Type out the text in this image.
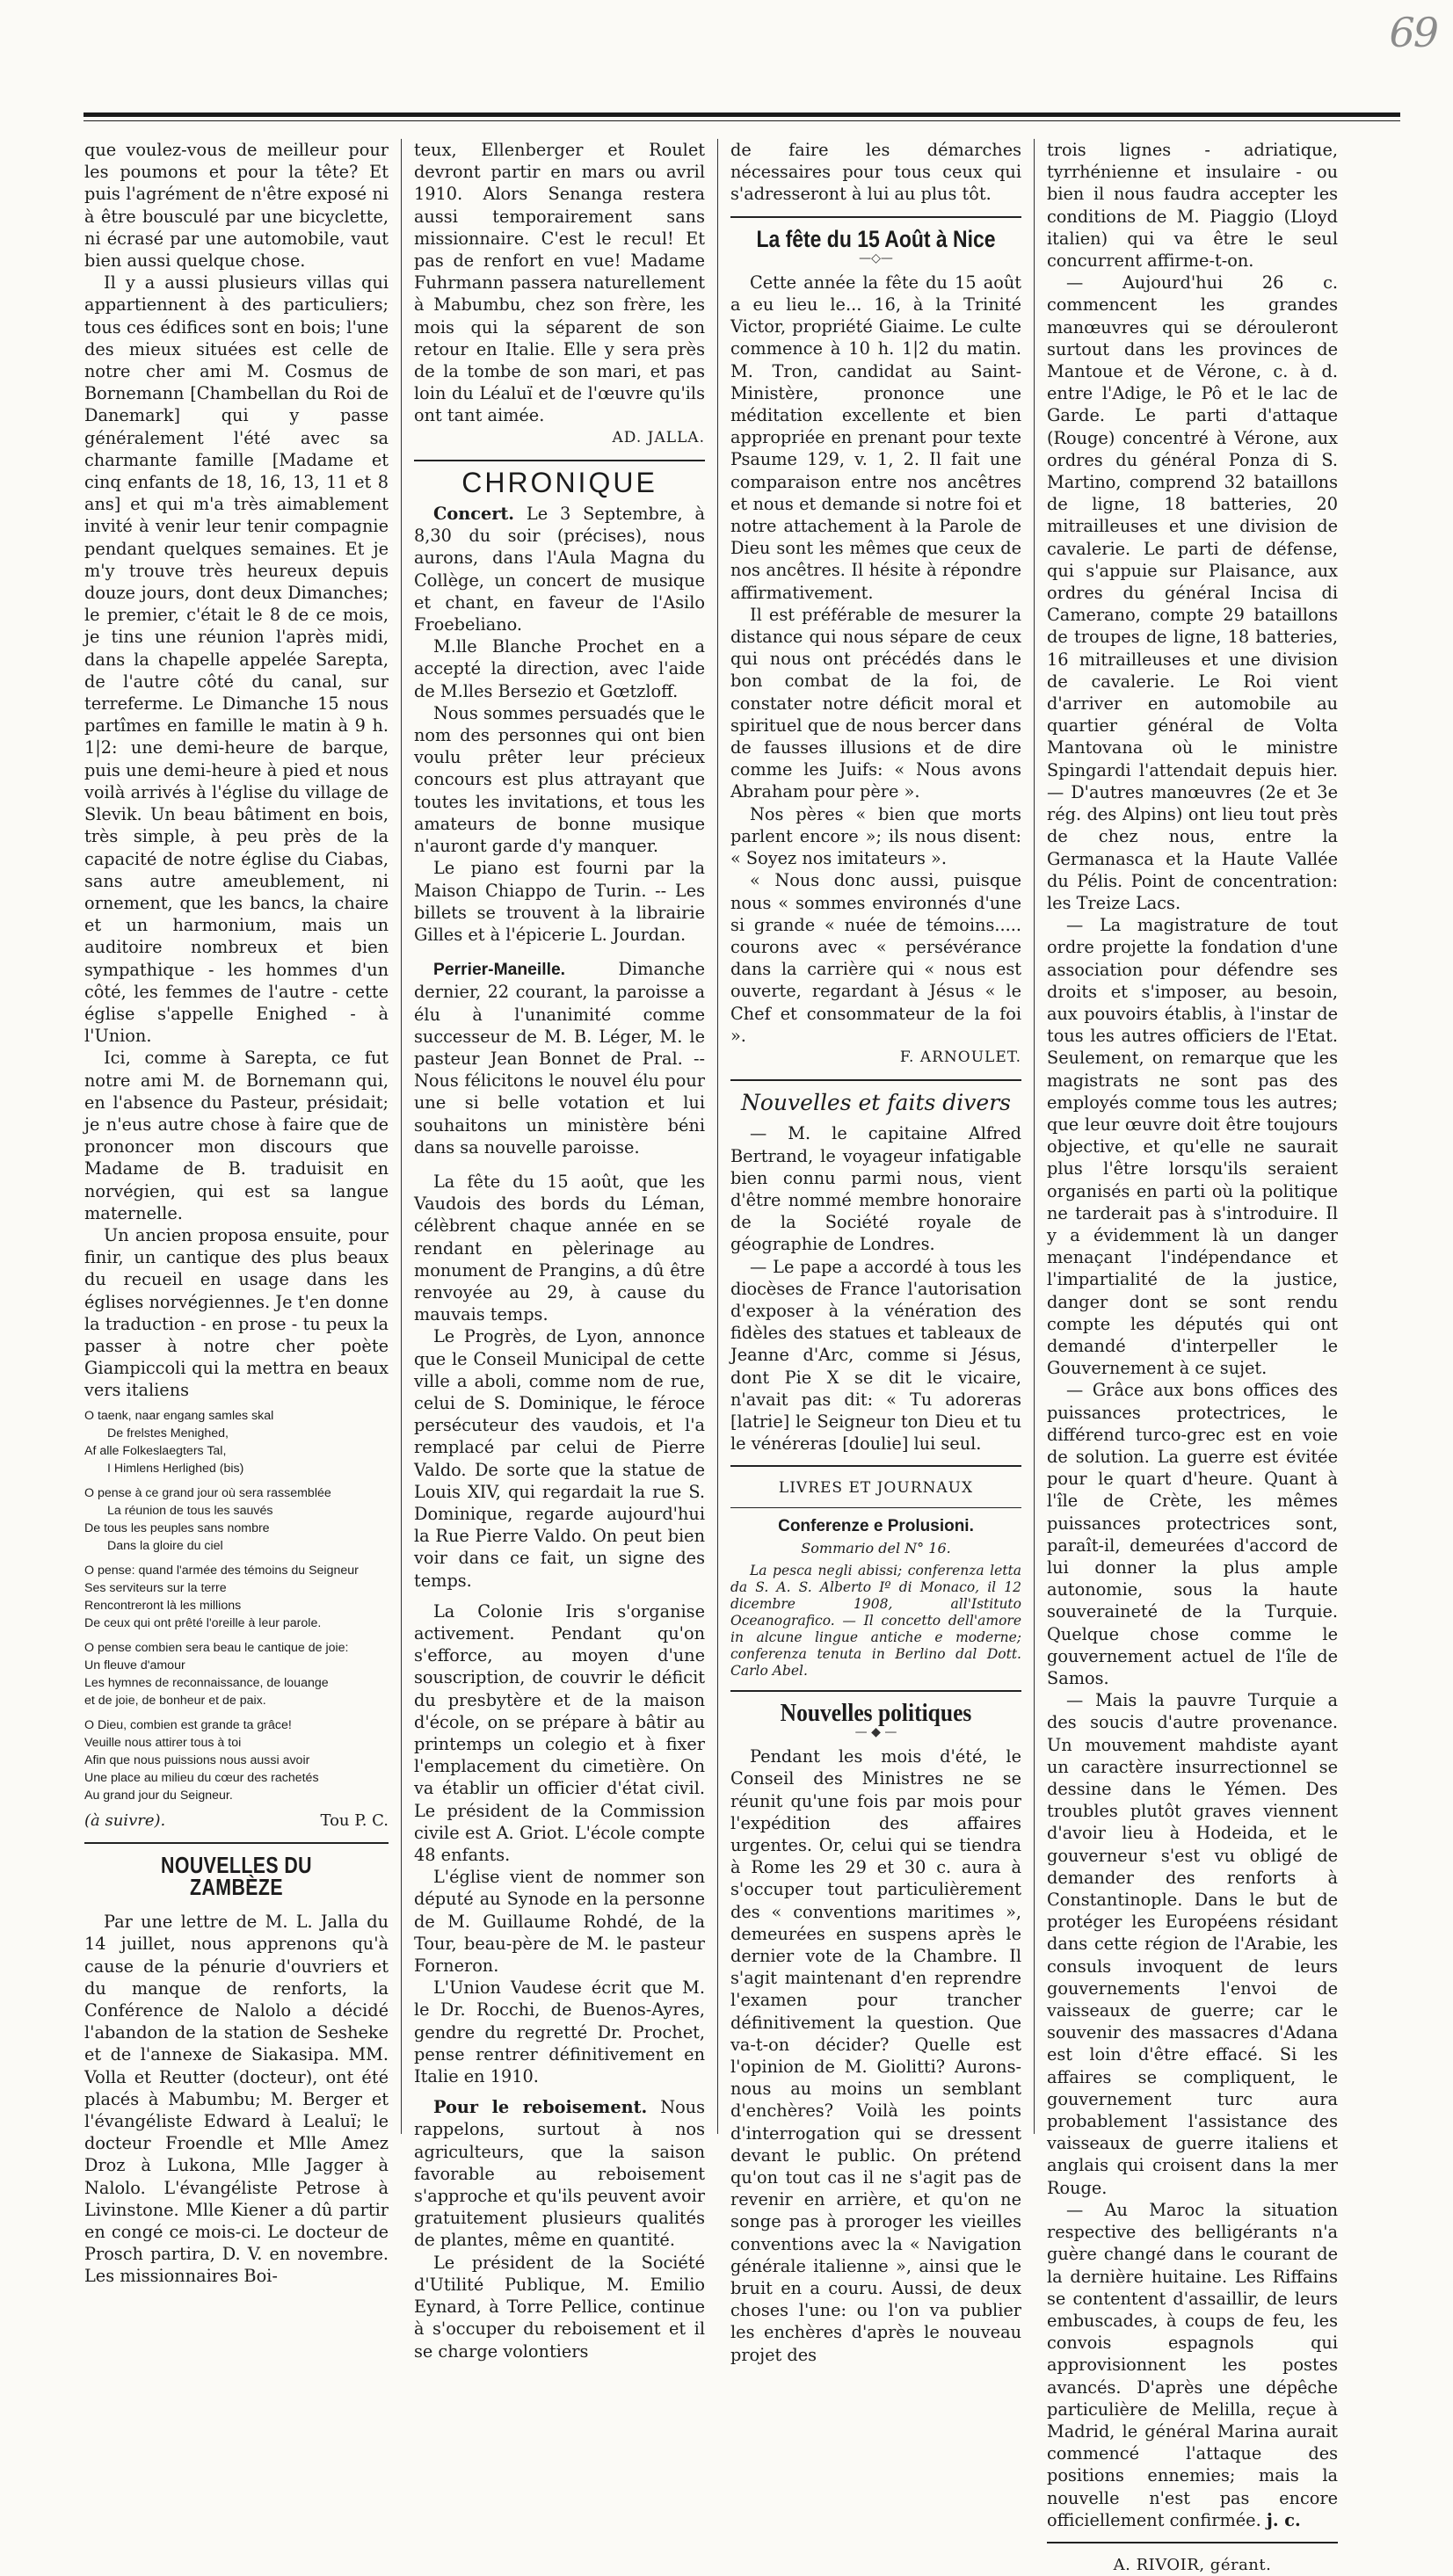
69

que voulez-vous de meilleur pour les poumons et pour la tête? Et puis l'agrément de n'être exposé ni à être bousculé par une bicyclette, ni écrasé par une automobile, vaut bien aussi quelque chose.

Il y a aussi plusieurs villas qui appartiennent à des particuliers; tous ces édifices sont en bois; l'une des mieux situées est celle de notre cher ami M. Cosmus de Bornemann [Chambellan du Roi de Danemark] qui y passe généralement l'été avec sa charmante famille [Madame et cinq enfants de 18, 16, 13, 11 et 8 ans] et qui m'a très aimablement invité à venir leur tenir compagnie pendant quelques semaines. Et je m'y trouve très heureux depuis douze jours, dont deux Dimanches; le premier, c'était le 8 de ce mois, je tins une réunion l'après midi, dans la chapelle appelée Sarepta, de l'autre côté du canal, sur terreferme. Le Dimanche 15 nous partîmes en famille le matin à 9 h. 1|2: une demi-heure de barque, puis une demi-heure à pied et nous voilà arrivés à l'église du village de Slevik. Un beau bâtiment en bois, très simple, à peu près de la capacité de notre église du Ciabas, sans autre ameublement, ni ornement, que les bancs, la chaire et un harmonium, mais un auditoire nombreux et bien sympathique - les hommes d'un côté, les femmes de l'autre - cette église s'appelle Enighed - à l'Union.

Ici, comme à Sarepta, ce fut notre ami M. de Bornemann qui, en l'absence du Pasteur, présidait; je n'eus autre chose à faire que de prononcer mon discours que Madame de B. traduisit en norvégien, qui est sa langue maternelle.

Un ancien proposa ensuite, pour finir, un cantique des plus beaux du recueil en usage dans les églises norvégiennes. Je t'en donne la traduction - en prose - tu peux la passer à notre cher poète Giampiccoli qui la mettra en beaux vers italiens

O taenk, naar engang samles skal
De frelstes Menighed,
Af alle Folkeslaegters Tal,
I Himlens Herlighed (bis)
O pense à ce grand jour où sera rassemblée
La réunion de tous les sauvés
De tous les peuples sans nombre
Dans la gloire du ciel
O pense: quand l'armée des témoins du Seigneur
Ses serviteurs sur la terre
Rencontreront là les millions
De ceux qui ont prêté l'oreille à leur parole.
O pense combien sera beau le cantique de joie:
Un fleuve d'amour
Les hymnes de reconnaissance, de louange
et de joie, de bonheur et de paix.
O Dieu, combien est grande ta grâce!
Veuille nous attirer tous à toi
Afin que nous puissions nous aussi avoir
Une place au milieu du cœur des rachetés
Au grand jour du Seigneur.
(à suivre).	Tou P. C.
NOUVELLES DU ZAMBÈZE

Par une lettre de M. L. Jalla du 14 juillet, nous apprenons qu'à cause de la pénurie d'ouvriers et du manque de renforts, la Conférence de Nalolo a décidé l'abandon de la station de Sesheke et de l'annexe de Siakasipa. MM. Volla et Reutter (docteur), ont été placés à Mabumbu; M. Berger et l'évangéliste Edward à Lealuï; le docteur Froendle et Mlle Amez Droz à Lukona, Mlle Jagger à Nalolo. L'évangéliste Petrose à Livinstone. Mlle Kiener a dû partir en congé ce mois-ci. Le docteur de Prosch partira, D. V. en novembre. Les missionnaires Boi-

teux, Ellenberger et Roulet devront partir en mars ou avril 1910. Alors Senanga restera aussi temporairement sans missionnaire. C'est le recul! Et pas de renfort en vue! Madame Fuhrmann passera naturellement à Mabumbu, chez son frère, les mois qui la séparent de son retour en Italie. Elle y sera près de la tombe de son mari, et pas loin du Léaluï et de l'œuvre qu'ils ont tant aimée.

AD. JALLA.
CHRONIQUE

Concert. Le 3 Septembre, à 8,30 du soir (précises), nous aurons, dans l'Aula Magna du Collège, un concert de musique et chant, en faveur de l'Asilo Froebeliano.

M.lle Blanche Prochet en a accepté la direction, avec l'aide de M.lles Bersezio et Gœtzloff.

Nous sommes persuadés que le nom des personnes qui ont bien voulu prêter leur précieux concours est plus attrayant que toutes les invitations, et tous les amateurs de bonne musique n'auront garde d'y manquer.

Le piano est fourni par la Maison Chiappo de Turin. -- Les billets se trouvent à la librairie Gilles et à l'épicerie L. Jourdan.

Perrier-Maneille. Dimanche dernier, 22 courant, la paroisse a élu à l'unanimité comme successeur de M. B. Léger, M. le pasteur Jean Bonnet de Pral. -- Nous félicitons le nouvel élu pour une si belle votation et lui souhaitons un ministère béni dans sa nouvelle paroisse.

La fête du 15 août, que les Vaudois des bords du Léman, célèbrent chaque année en se rendant en pèlerinage au monument de Prangins, a dû être renvoyée au 29, à cause du mauvais temps.

Le Progrès, de Lyon, annonce que le Conseil Municipal de cette ville a aboli, comme nom de rue, celui de S. Dominique, le féroce persécuteur des vaudois, et l'a remplacé par celui de Pierre Valdo. De sorte que la statue de Louis XIV, qui regardait la rue S. Dominique, regarde aujourd'hui la Rue Pierre Valdo. On peut bien voir dans ce fait, un signe des temps.

La Colonie Iris s'organise activement. Pendant qu'on s'efforce, au moyen d'une souscription, de couvrir le déficit du presbytère et de la maison d'école, on se prépare à bâtir au printemps un colegio et à fixer l'emplacement du cimetière. On va établir un officier d'état civil. Le président de la Commission civile est A. Griot. L'école compte 48 enfants.

L'église vient de nommer son député au Synode en la personne de M. Guillaume Rohdé, de la Tour, beau-père de M. le pasteur Forneron.

L'Union Vaudese écrit que M. le Dr. Rocchi, de Buenos-Ayres, gendre du regretté Dr. Prochet, pense rentrer définitivement en Italie en 1910.

Pour le reboisement. Nous rappelons, surtout à nos agriculteurs, que la saison favorable au reboisement s'approche et qu'ils peuvent avoir gratuitement plusieurs qualités de plantes, même en quantité.

Le président de la Société d'Utilité Publique, M. Emilio Eynard, à Torre Pellice, continue à s'occuper du reboisement et il se charge volontiers

de faire les démarches nécessaires pour tous ceux qui s'adresseront à lui au plus tôt.

La fête du 15 Août à Nice
—◇—

Cette année la fête du 15 août a eu lieu le... 16, à la Trinité Victor, propriété Giaime. Le culte commence à 10 h. 1|2 du matin. M. Tron, candidat au Saint-Ministère, prononce une méditation excellente et bien appropriée en prenant pour texte Psaume 129, v. 1, 2. Il fait une comparaison entre nos ancêtres et nous et demande si notre foi et notre attachement à la Parole de Dieu sont les mêmes que ceux de nos ancêtres. Il hésite à répondre affirmativement.

Il est préférable de mesurer la distance qui nous sépare de ceux qui nous ont précédés dans le bon combat de la foi, de constater notre déficit moral et spirituel que de nous bercer dans de fausses illusions et de dire comme les Juifs: « Nous avons Abraham pour père ».

Nos pères « bien que morts parlent encore »; ils nous disent: « Soyez nos imitateurs ».

« Nous donc aussi, puisque nous « sommes environnés d'une si grande « nuée de témoins..... courons avec « persévérance dans la carrière qui « nous est ouverte, regardant à Jésus « le Chef et consommateur de la foi ».

F. ARNOULET.
Nouvelles et faits divers

— M. le capitaine Alfred Bertrand, le voyageur infatigable bien connu parmi nous, vient d'être nommé membre honoraire de la Société royale de géographie de Londres.

— Le pape a accordé à tous les diocèses de France l'autorisation d'exposer à la vénération des fidèles des statues et tableaux de Jeanne d'Arc, comme si Jésus, dont Pie X se dit le vicaire, n'avait pas dit: « Tu adoreras [latrie] le Seigneur ton Dieu et tu le vénéreras [doulie] lui seul.

LIVRES ET JOURNAUX
Conferenze e Prolusioni.
Sommario del N° 16.

La pesca negli abissi; conferenza letta da S. A. S. Alberto Iº di Monaco, il 12 dicembre 1908, all'Istituto Oceanografico. — Il concetto dell'amore in alcune lingue antiche e moderne; conferenza tenuta in Berlino dal Dott. Carlo Abel.

Nouvelles politiques
— ◆ —

Pendant les mois d'été, le Conseil des Ministres ne se réunit qu'une fois par mois pour l'expédition des affaires urgentes. Or, celui qui se tiendra à Rome les 29 et 30 c. aura à s'occuper tout particulièrement des « conventions maritimes », demeurées en suspens après le dernier vote de la Chambre. Il s'agit maintenant d'en reprendre l'examen pour trancher définitivement la question. Que va-t-on décider? Quelle est l'opinion de M. Giolitti? Aurons-nous au moins un semblant d'enchères? Voilà les points d'interrogation qui se dressent devant le public. On prétend qu'on tout cas il ne s'agit pas de revenir en arrière, et qu'on ne songe pas à proroger les vieilles conventions avec la « Navigation générale italienne », ainsi que le bruit en a couru. Aussi, de deux choses l'une: ou l'on va publier les enchères d'après le nouveau projet des

trois lignes - adriatique, tyrrhénienne et insulaire - ou bien il nous faudra accepter les conditions de M. Piaggio (Lloyd italien) qui va être le seul concurrent affirme-t-on.

— Aujourd'hui 26 c. commencent les grandes manœuvres qui se dérouleront surtout dans les provinces de Mantoue et de Vérone, c. à d. entre l'Adige, le Pô et le lac de Garde. Le parti d'attaque (Rouge) concentré à Vérone, aux ordres du général Ponza di S. Martino, comprend 32 bataillons de ligne, 18 batteries, 20 mitrailleuses et une division de cavalerie. Le parti de défense, qui s'appuie sur Plaisance, aux ordres du général Incisa di Camerano, compte 29 bataillons de troupes de ligne, 18 batteries, 16 mitrailleuses et une division de cavalerie. Le Roi vient d'arriver en automobile au quartier général de Volta Mantovana où le ministre Spingardi l'attendait depuis hier. — D'autres manœuvres (2e et 3e rég. des Alpins) ont lieu tout près de chez nous, entre la Germanasca et la Haute Vallée du Pélis. Point de concentration: les Treize Lacs.

— La magistrature de tout ordre projette la fondation d'une association pour défendre ses droits et s'imposer, au besoin, aux pouvoirs établis, à l'instar de tous les autres officiers de l'Etat. Seulement, on remarque que les magistrats ne sont pas des employés comme tous les autres; que leur œuvre doit être toujours objective, et qu'elle ne saurait plus l'être lorsqu'ils seraient organisés en parti où la politique ne tarderait pas à s'introduire. Il y a évidemment là un danger menaçant l'indépendance et l'impartialité de la justice, danger dont se sont rendu compte les députés qui ont demandé d'interpeller le Gouvernement à ce sujet.

— Grâce aux bons offices des puissances protectrices, le différend turco-grec est en voie de solution. La guerre est évitée pour le quart d'heure. Quant à l'île de Crète, les mêmes puissances protectrices sont, paraît-il, demeurées d'accord de lui donner la plus ample autonomie, sous la haute souveraineté de la Turquie. Quelque chose comme le gouvernement actuel de l'île de Samos.

— Mais la pauvre Turquie a des soucis d'autre provenance. Un mouvement mahdiste ayant un caractère insurrectionnel se dessine dans le Yémen. Des troubles plutôt graves viennent d'avoir lieu à Hodeida, et le gouverneur s'est vu obligé de demander des renforts à Constantinople. Dans le but de protéger les Européens résidant dans cette région de l'Arabie, les consuls invoquent de leurs gouvernements l'envoi de vaisseaux de guerre; car le souvenir des massacres d'Adana est loin d'être effacé. Si les affaires se compliquent, le gouvernement turc aura probablement l'assistance des vaisseaux de guerre italiens et anglais qui croisent dans la mer Rouge.

— Au Maroc la situation respective des belligérants n'a guère changé dans le courant de la dernière huitaine. Les Riffains se contentent d'assaillir, de leurs embuscades, à coups de feu, les convois espagnols qui approvisionnent les postes avancés. D'après une dépêche particulière de Melilla, reçue à Madrid, le général Marina aurait commencé l'attaque des positions ennemies; mais la nouvelle n'est pas encore officiellement confirmée. j. c.

A. RIVOIR, gérant.
